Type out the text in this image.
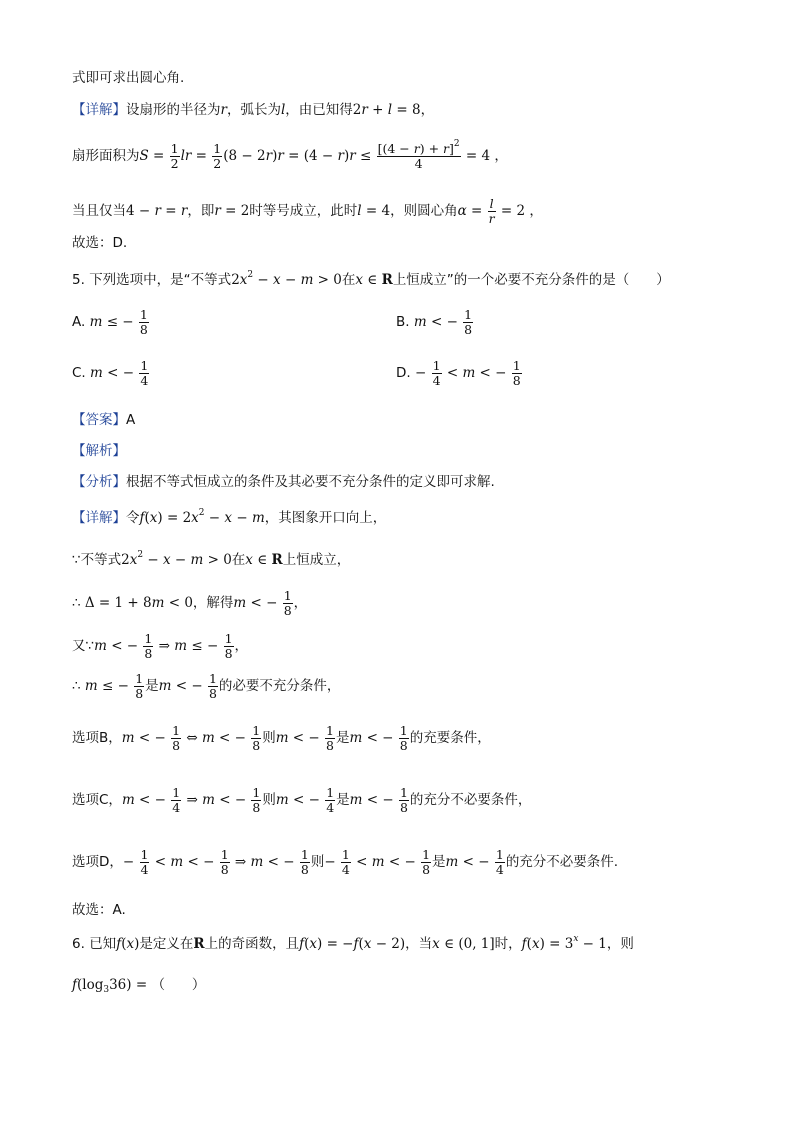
式即可求出圆心角.
【详解】设扇形的半径为r，弧长为l，由已知得2r + l = 8，
扇形面积为$S = \frac{1}{2}$ lr = $\frac{1}{2} (8 - 2r)r = (4 - r)r \le \frac{[(4 - r) + r]^2}{4} = 4$ ，
当且仅当4 − r = r，即r = 2时等号成立，此时l = 4，则圆心角$\alpha = \frac{l}{r} = 2$ ，
故选：D.
5. 下列选项中，是“不等式$2x^2 - x - m > 0$在x ∈ R上恒成立”的一个必要不充分条件的是（　　）
A. m ≤ − $\frac{1}{8}$	B. m < − $\frac{1}{8}$
C. m < − $\frac{1}{4}$	D. − $\frac{1}{4} < m$ < − $\frac{1}{8}$
【答案】A
【解析】
【分析】根据不等式恒成立的条件及其必要不充分条件的定义即可求解.
【详解】令$f(x) = 2x^2 - x - m$，其图象开口向上，
∵不等式$2x^2 - x - m > 0$在x ∈ R上恒成立，
∴ Δ = 1 + 8m < 0，解得m < − $\frac{1}{8}$ ，
又∵m < − $\frac{1}{8}$ ⇒ m ≤ − $\frac{1}{8}$ ，
∴ m ≤ − $\frac{1}{8}$ 是m < − $\frac{1}{8}$ 的必要不充分条件，
选项B，m < − $\frac{1}{8}$ ⇔ m < − $\frac{1}{8}$ 则m < − $\frac{1}{8}$ 是m < − $\frac{1}{8}$ 的充要条件，
选项C，m < − $\frac{1}{4}$ ⇒ m < − $\frac{1}{8}$ 则m < − $\frac{1}{4}$ 是m < − $\frac{1}{8}$ 的充分不必要条件，
选项D，− $\frac{1}{4} < m$ < − $\frac{1}{8}$ ⇒ m < − $\frac{1}{8}$ 则− $\frac{1}{4} < m$ < − $\frac{1}{8}$ 是m < − $\frac{1}{4}$ 的充分不必要条件.
故选：A.
6. 已知f(x)是定义在R上的奇函数，且f(x) = −f(x − 2)，当x ∈ (0, 1]时，$f(x) = 3^x - 1$，则
$f(\log_336)$ = （　　）
